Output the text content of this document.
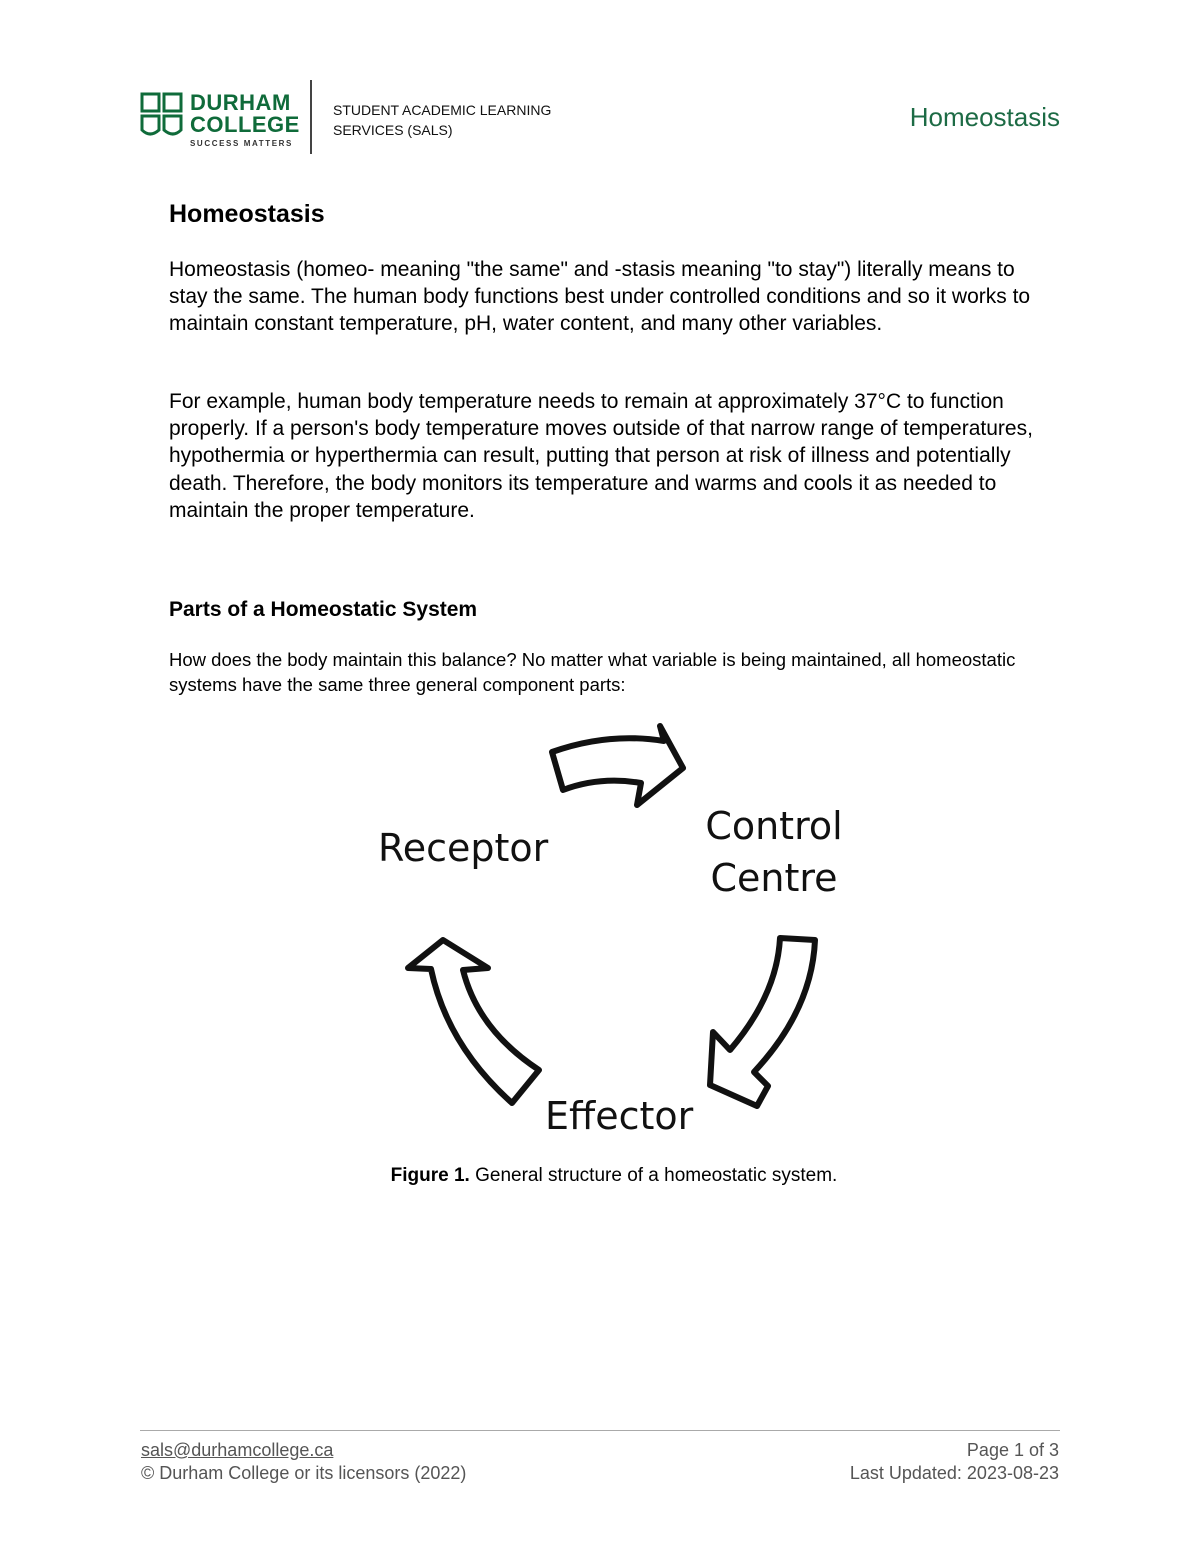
DURHAM
COLLEGE
SUCCESS MATTERS
STUDENT ACADEMIC LEARNING
SERVICES (SALS)	Homeostasis
Homeostasis

Homeostasis (homeo- meaning "the same" and -stasis meaning "to stay") literally means to stay the same. The human body functions best under controlled conditions and so it works to maintain constant temperature, pH, water content, and many other variables.

For example, human body temperature needs to remain at approximately 37°C to function properly. If a person's body temperature moves outside of that narrow range of temperatures, hypothermia or hyperthermia can result, putting that person at risk of illness and potentially death. Therefore, the body monitors its temperature and warms and cools it as needed to maintain the proper temperature.

Parts of a Homeostatic System

How does the body maintain this balance? No matter what variable is being maintained, all homeostatic systems have the same three general component parts:

Receptor	Control
Centre
Effector
Figure 1. General structure of a homeostatic system.
sals@durhamcollege.ca
© Durham College or its licensors (2022)
Page 1 of 3
Last Updated: 2023-08-23
